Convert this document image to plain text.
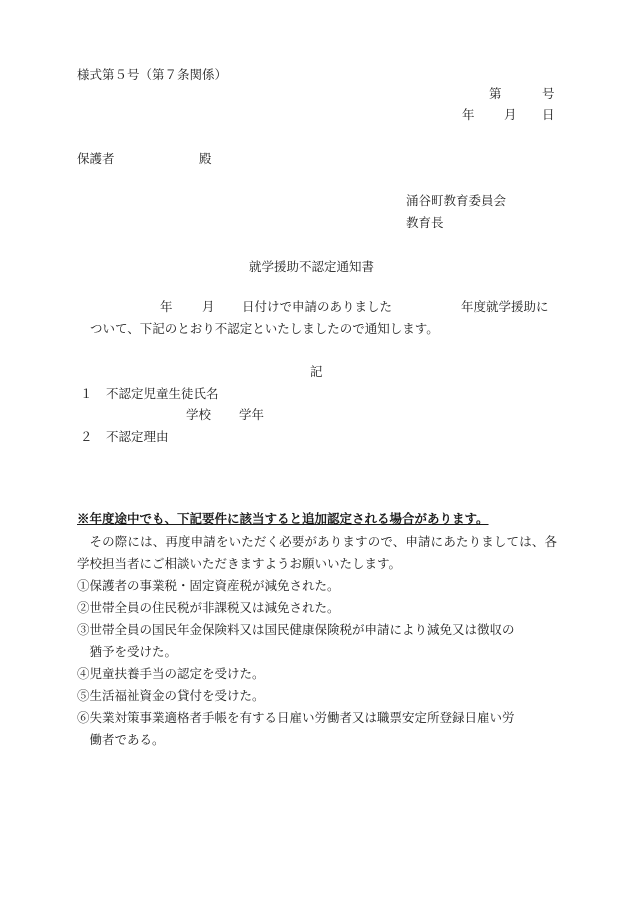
様式第５号（第７条関係）
第	号
年 月 日
保護者	殿
涌谷町教育委員会
教育長
就学援助不認定通知書
年 月 日付けで申請のありました	年度就学援助に
ついて、下記のとおり不認定といたしましたので通知します。
記
１ 不認定児童生徒氏名
学校 学年
２ 不認定理由
※年度途中でも、下記要件に該当すると追加認定される場合があります。
その際には、再度申請をいただく必要がありますので、申請にあたりましては、各学校担当者にご相談いただきますようお願いいたします。
①保護者の事業税・固定資産税が減免された。
②世帯全員の住民税が非課税又は減免された。
③世帯全員の国民年金保険料又は国民健康保険税が申請により減免又は徴収の
猶予を受けた。
④児童扶養手当の認定を受けた。
⑤生活福祉資金の貸付を受けた。
⑥失業対策事業適格者手帳を有する日雇い労働者又は職票安定所登録日雇い労
働者である。
